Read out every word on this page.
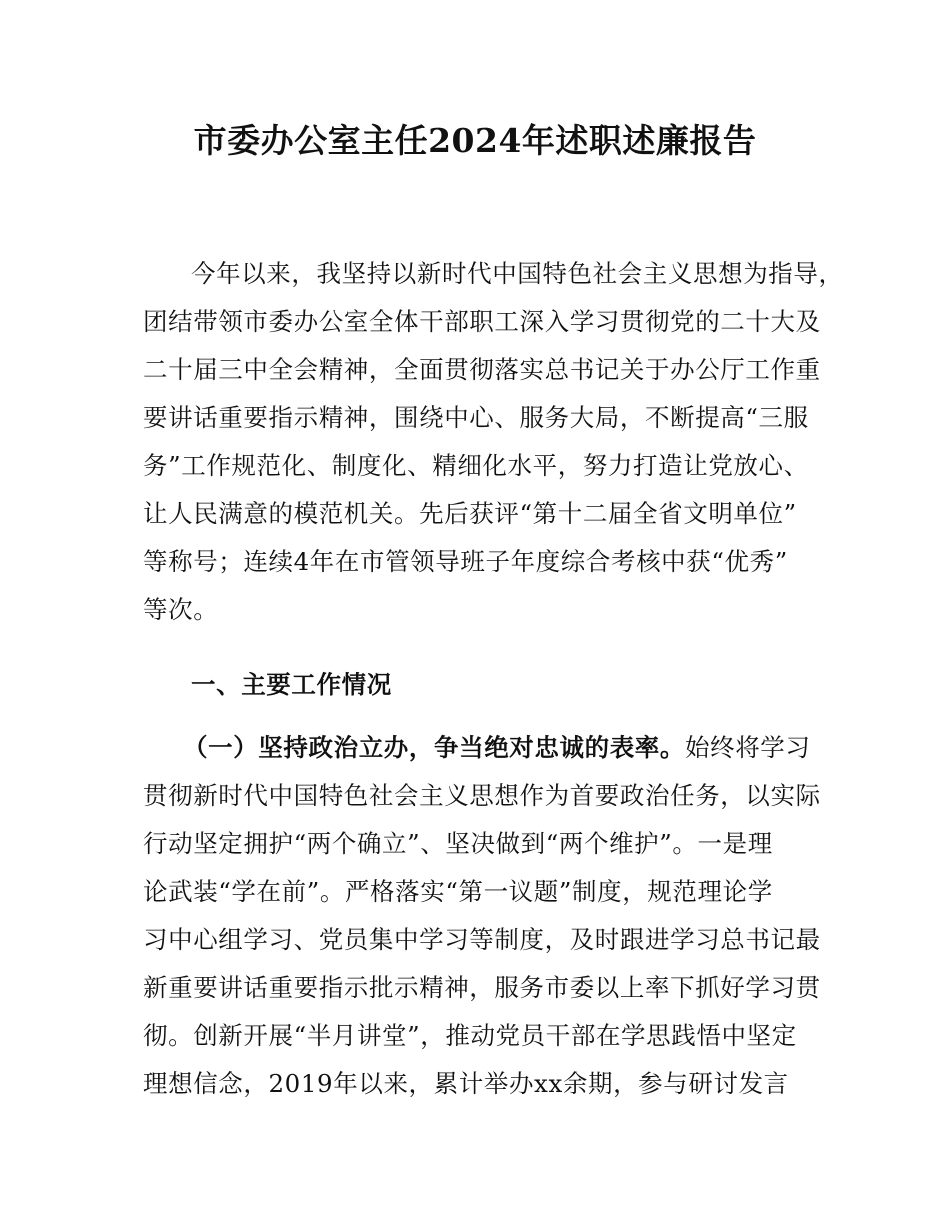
市委办公室主任2024年述职述廉报告
今年以来，我坚持以新时代中国特色社会主义思想为指导，
团结带领市委办公室全体干部职工深入学习贯彻党的二十大及
二十届三中全会精神，全面贯彻落实总书记关于办公厅工作重
要讲话重要指示精神，围绕中心、服务大局，不断提高“三服
务”工作规范化、制度化、精细化水平，努力打造让党放心、
让人民满意的模范机关。先后获评“第十二届全省文明单位”
等称号；连续4年在市管领导班子年度综合考核中获“优秀”
等次。
一、主要工作情况
（一）坚持政治立办，争当绝对忠诚的表率。始终将学习
贯彻新时代中国特色社会主义思想作为首要政治任务，以实际
行动坚定拥护“两个确立”、坚决做到“两个维护”。一是理
论武装“学在前”。严格落实“第一议题”制度，规范理论学
习中心组学习、党员集中学习等制度，及时跟进学习总书记最
新重要讲话重要指示批示精神，服务市委以上率下抓好学习贯
彻。创新开展“半月讲堂”，推动党员干部在学思践悟中坚定
理想信念，2019年以来，累计举办xx余期，参与研讨发言
